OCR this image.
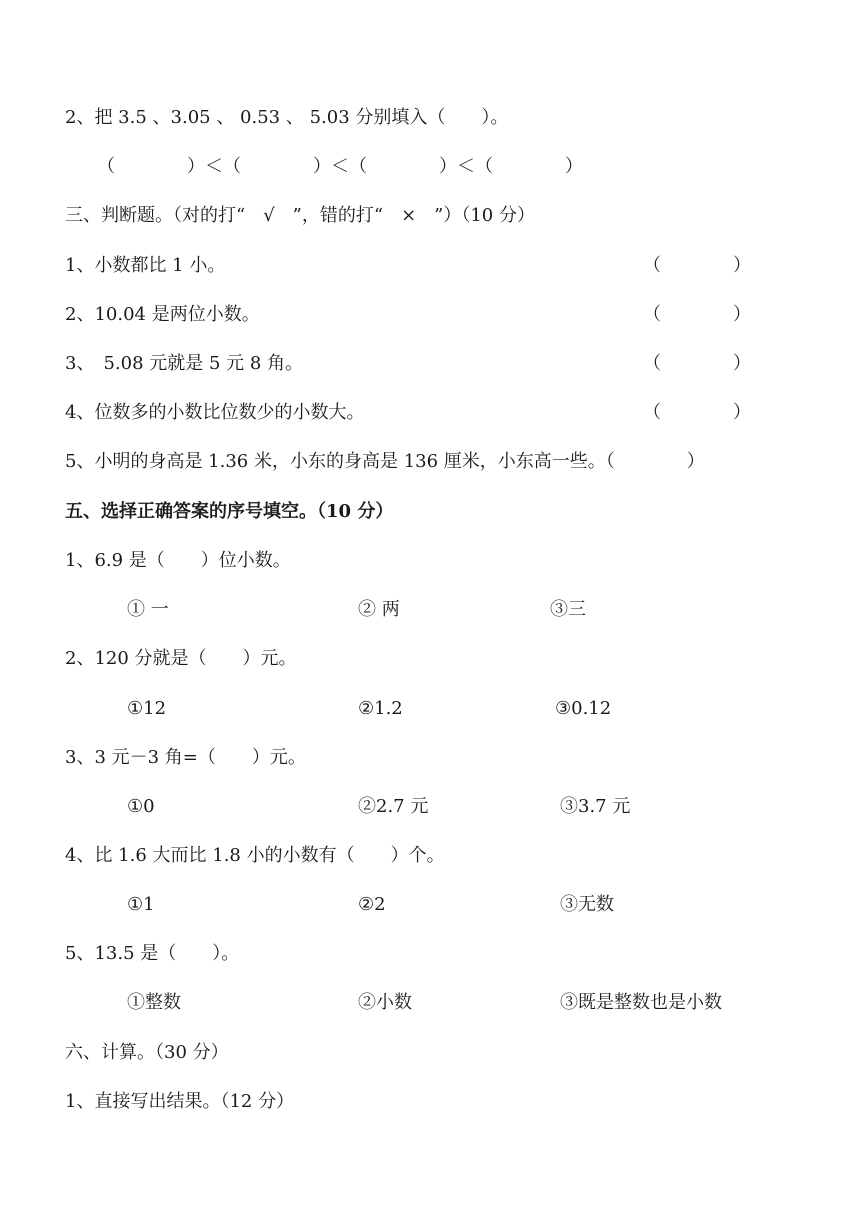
2、把 3.5 、3.05 、 0.53 、 5.03 分别填入（　　）。
（　　　　）＜（　　　　）＜（　　　　）＜（　　　　）
三、判断题。（对的打“　√　”，错的打“　×　”）（10 分）
1、小数都比 1 小。	（　　　　）
2、10.04 是两位小数。	（　　　　）
3、　5.08 元就是 5 元 8 角。	（　　　　）
4、位数多的小数比位数少的小数大。	（　　　　）
5、小明的身高是 1.36 米，小东的身高是 136 厘米，小东高一些。（　　　　）
五、选择正确答案的序号填空。（10 分）
1、6.9 是（　　）位小数。
① 一	② 两	③三
2、120 分就是（　　）元。
①12	②1.2	③0.12
3、3 元－3 角=（　　）元。
①0	②2.7 元	③3.7 元
4、比 1.6 大而比 1.8 小的小数有（　　）个。
①1	②2	③无数
5、13.5 是（　　）。
①整数	②小数	③既是整数也是小数
六、计算。（30 分）
1、直接写出结果。（12 分）
